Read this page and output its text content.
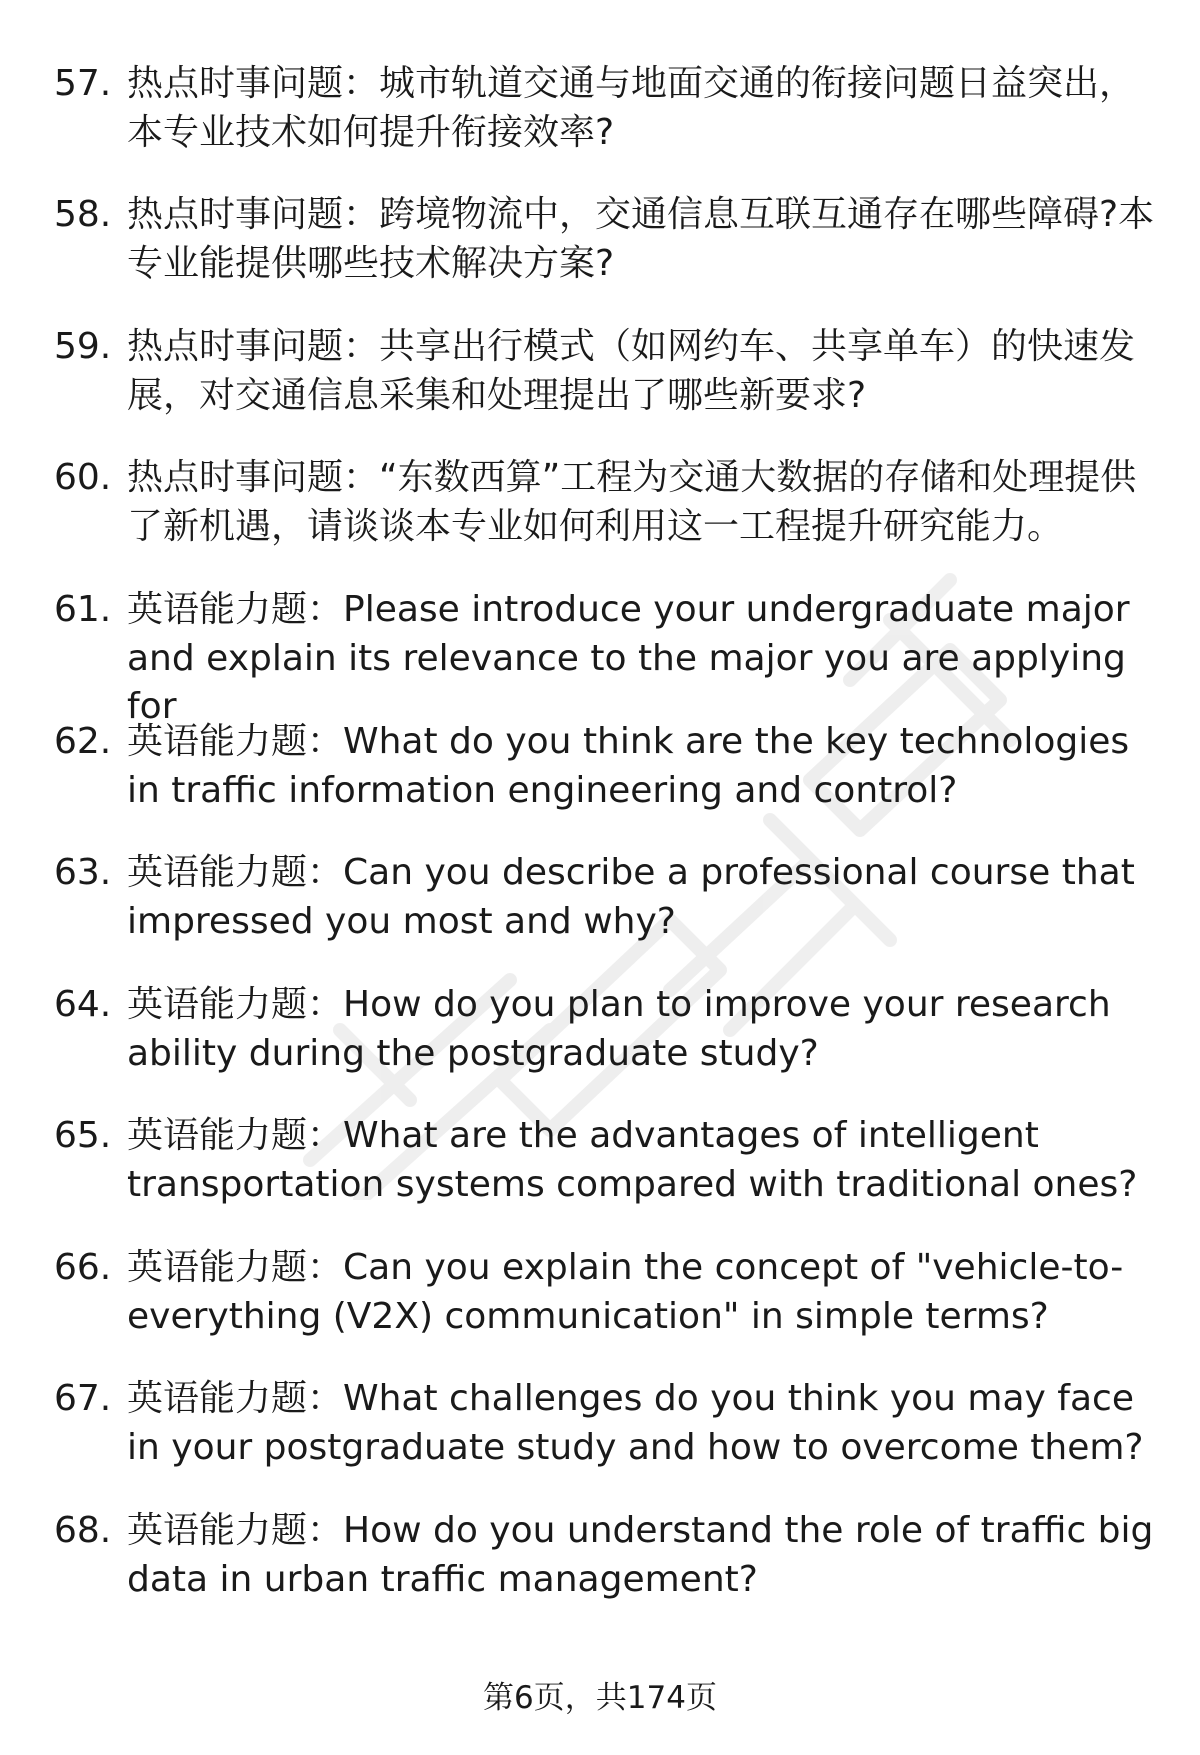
57. 热点时事问题：城市轨道交通与地面交通的衔接问题日益突出，本专业技术如何提升衔接效率?
58. 热点时事问题：跨境物流中，交通信息互联互通存在哪些障碍?本专业能提供哪些技术解决方案?
59. 热点时事问题：共享出行模式（如网约车、共享单车）的快速发展，对交通信息采集和处理提出了哪些新要求?
60. 热点时事问题：“东数西算”工程为交通大数据的存储和处理提供了新机遇，请谈谈本专业如何利用这一工程提升研究能力。
61. 英语能力题：Please introduce your undergraduate major and explain its relevance to the major you are applying for
62. 英语能力题：What do you think are the key technologies in traffic information engineering and control?
63. 英语能力题：Can you describe a professional course that impressed you most and why?
64. 英语能力题：How do you plan to improve your research ability during the postgraduate study?
65. 英语能力题：What are the advantages of intelligent transportation systems compared with traditional ones?
66. 英语能力题：Can you explain the concept of "vehicle-to-everything (V2X) communication" in simple terms?
67. 英语能力题：What challenges do you think you may face in your postgraduate study and how to overcome them?
68. 英语能力题：How do you understand the role of traffic big data in urban traffic management?
第6页，共174页
